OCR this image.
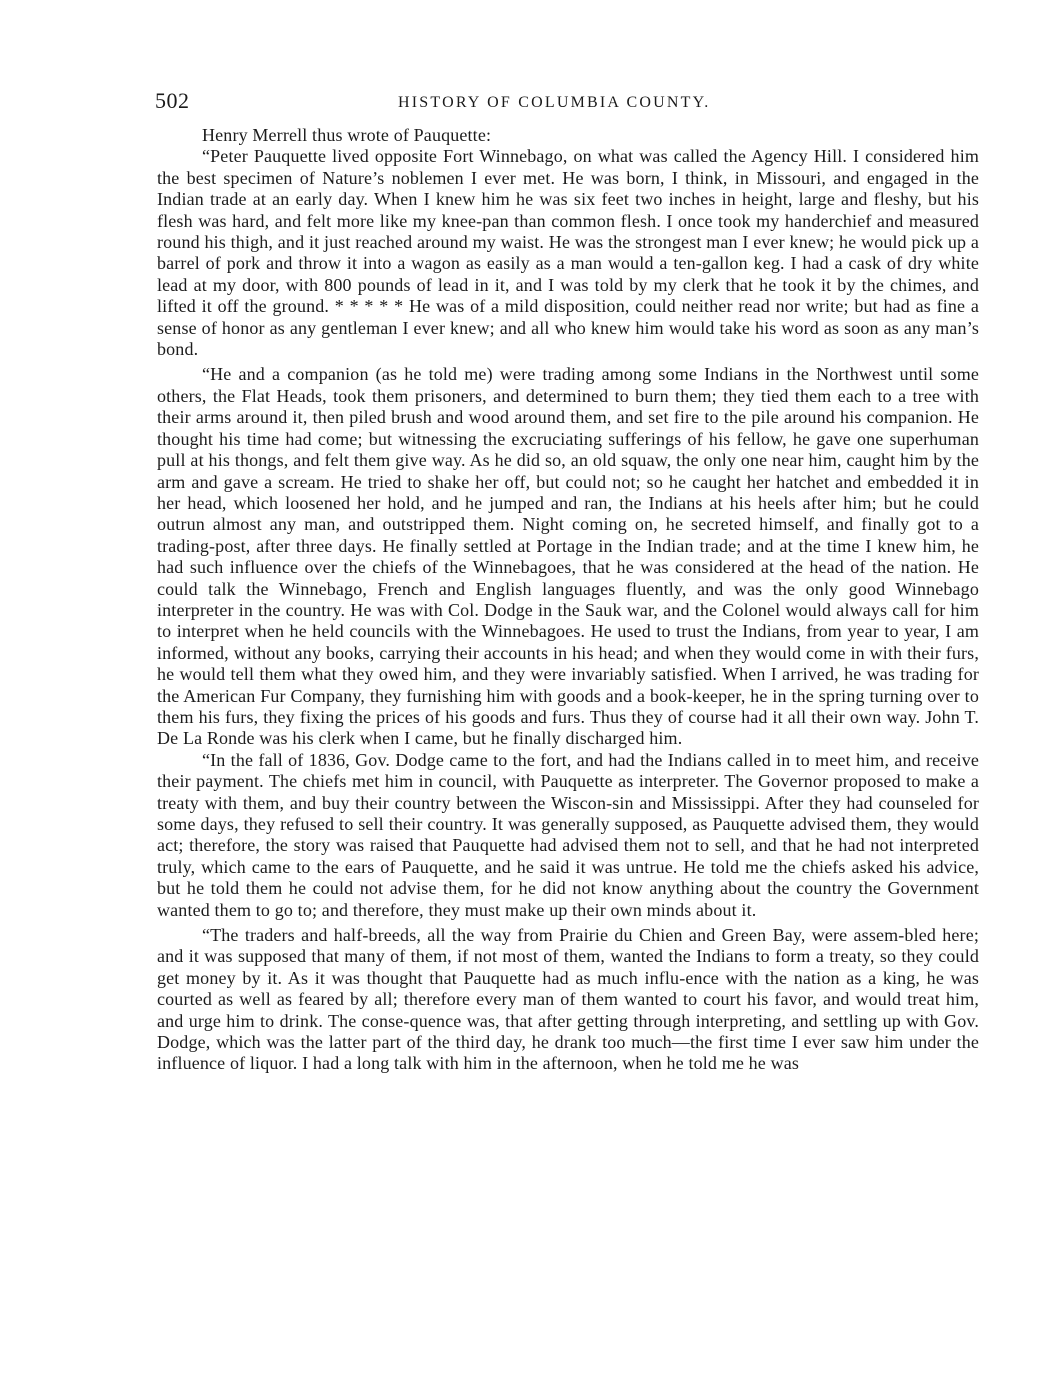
502	HISTORY OF COLUMBIA COUNTY.

Henry Merrell thus wrote of Pauquette:

“Peter Pauquette lived opposite Fort Winnebago, on what was called the Agency Hill. I considered him the best specimen of Nature’s noblemen I ever met. He was born, I think, in Missouri, and engaged in the Indian trade at an early day. When I knew him he was six feet two inches in height, large and fleshy, but his flesh was hard, and felt more like my knee-pan than common flesh. I once took my handerchief and measured round his thigh, and it just reached around my waist. He was the strongest man I ever knew; he would pick up a barrel of pork and throw it into a wagon as easily as a man would a ten-gallon keg. I had a cask of dry white lead at my door, with 800 pounds of lead in it, and I was told by my clerk that he took it by the chimes, and lifted it off the ground. * * * * * He was of a mild disposition, could neither read nor write; but had as fine a sense of honor as any gentleman I ever knew; and all who knew him would take his word as soon as any man’s bond.

“He and a companion (as he told me) were trading among some Indians in the Northwest until some others, the Flat Heads, took them prisoners, and determined to burn them; they tied them each to a tree with their arms around it, then piled brush and wood around them, and set fire to the pile around his companion. He thought his time had come; but witnessing the excruciating sufferings of his fellow, he gave one superhuman pull at his thongs, and felt them give way. As he did so, an old squaw, the only one near him, caught him by the arm and gave a scream. He tried to shake her off, but could not; so he caught her hatchet and embedded it in her head, which loosened her hold, and he jumped and ran, the Indians at his heels after him; but he could outrun almost any man, and outstripped them. Night coming on, he secreted himself, and finally got to a trading-post, after three days. He finally settled at Portage in the Indian trade; and at the time I knew him, he had such influence over the chiefs of the Winnebagoes, that he was considered at the head of the nation. He could talk the Winnebago, French and English languages fluently, and was the only good Winnebago interpreter in the country. He was with Col. Dodge in the Sauk war, and the Colonel would always call for him to interpret when he held councils with the Winnebagoes. He used to trust the Indians, from year to year, I am informed, without any books, carrying their accounts in his head; and when they would come in with their furs, he would tell them what they owed him, and they were invariably satisfied. When I arrived, he was trading for the American Fur Company, they furnishing him with goods and a book-keeper, he in the spring turning over to them his furs, they fixing the prices of his goods and furs. Thus they of course had it all their own way. John T. De La Ronde was his clerk when I came, but he finally discharged him.

“In the fall of 1836, Gov. Dodge came to the fort, and had the Indians called in to meet him, and receive their payment. The chiefs met him in council, with Pauquette as interpreter. The Governor proposed to make a treaty with them, and buy their country between the Wiscon-sin and Mississippi. After they had counseled for some days, they refused to sell their country. It was generally supposed, as Pauquette advised them, they would act; therefore, the story was raised that Pauquette had advised them not to sell, and that he had not interpreted truly, which came to the ears of Pauquette, and he said it was untrue. He told me the chiefs asked his advice, but he told them he could not advise them, for he did not know anything about the country the Government wanted them to go to; and therefore, they must make up their own minds about it.

“The traders and half-breeds, all the way from Prairie du Chien and Green Bay, were assem-bled here; and it was supposed that many of them, if not most of them, wanted the Indians to form a treaty, so they could get money by it. As it was thought that Pauquette had as much influ-ence with the nation as a king, he was courted as well as feared by all; therefore every man of them wanted to court his favor, and would treat him, and urge him to drink. The conse-quence was, that after getting through interpreting, and settling up with Gov. Dodge, which was the latter part of the third day, he drank too much—the first time I ever saw him under the influence of liquor. I had a long talk with him in the afternoon, when he told me he was
